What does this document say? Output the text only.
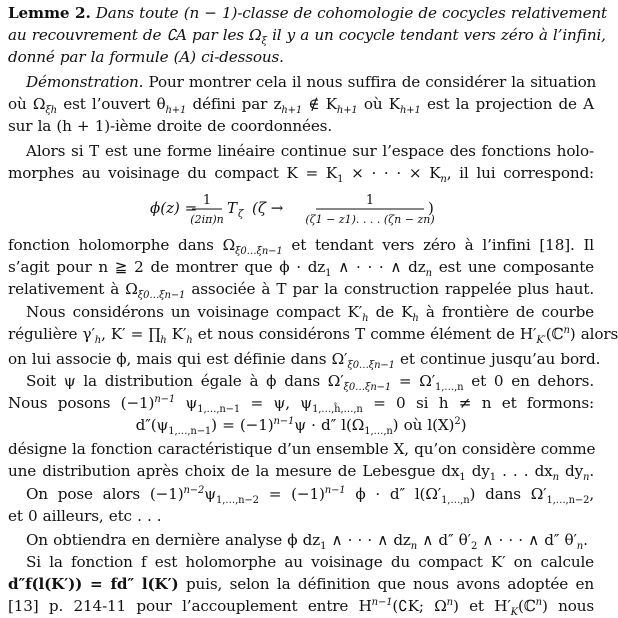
Lemme 2. Dans toute (n − 1)-classe de cohomologie de cocycles relativement
au recouvrement de ∁A par les $\Omega_\xi$ il y a un cocycle tendant vers zéro à l’infini,
donné par la formule (A) ci-dessous.
Démonstration. Pour montrer cela il nous suffira de considérer la situation
où $\Omega_{\xi h}$ est l’ouvert $\theta_{h+1}$ défini par $z_{h+1}$ ∉ $K_{h+1}$ où $K_{h+1}$ est la projection de A
sur la (h + 1)-ième droite de coordonnées.
Alors si T est une forme linéaire continue sur l’espace des fonctions holo-
morphes au voisinage du compact $K = K_1$ × · · · × $K_n$, il lui correspond:
ϕ(z) = 1
(2iπ)n
T ζ (ζ →	1
(ζ1 − z1). . . . (ζn − zn)
)
fonction holomorphe dans $\Omega_{\xi 0\dots\xi n-1}$ et tendant vers zéro à l’infini [18]. Il
s’agit pour n ≧ 2 de montrer que $\phi \cdot dz_1$ ∧ · · · ∧ $dz_n$ est une composante
relativement à $\Omega_{\xi 0\dots\xi n-1}$ associée à T par la construction rappelée plus haut.
Nous considérons un voisinage compact $K'_h$ de $K_h$ à frontière de courbe
régulière $\gamma'_h$, $K' = \prod_h$ $K'_h$ et nous considérons T comme élément de $H'_{K'}(ℂ^n)$ alors
on lui associe ϕ, mais qui est définie dans $\Omega'_{\xi 0\dots\xi n-1}$ et continue jusqu’au bord.
Soit ψ la distribution égale à ϕ dans $\Omega'_{\xi 0\dots\xi n-1} = \Omega'_{1,\dots,n}$ et 0 en dehors.
Nous posons $(-1)^{n-1}$ $\psi_{1,\dots,n-1} = \psi$, $\psi_{1,\dots,ĥ,\dots,n} = 0$ si h ≠ n et formons:
$d''(\psi_{1,\dots,n-1}) = (-1)^{n-1}\psi \cdot d''$ $l(\Omega_{1,\dots,n})$ où $l(X)^2$)
désigne la fonction caractéristique d’un ensemble X, qu’on considère comme
une distribution après choix de la mesure de Lebesgue $dx_1$ $dy_1$ . . . $dx_n$ $dy_n$.
On pose alors $(-1)^{n-2}\psi_{1,\dots,n-2} = (-1)^{n-1}$ ϕ · d″ $l(\Omega'_{1,\dots,n})$ dans $\Omega'_{1,\dots,n-2}$,
et 0 ailleurs, etc . . .
On obtiendra en dernière analyse ϕ $dz_1$ ∧ · · · ∧ $dz_n$ ∧ d″ $\theta'_2$ ∧ · · · ∧ d″ $\theta'_n$.
Si la fonction f est holomorphe au voisinage du compact K′ on calcule
d″f(l(K′)) = fd″ l(K′) puis, selon la définition que nous avons adoptée en
[13] p. 214-11 pour l’accouplement entre $H^{n-1}(∁K$; $\Omega^n$) et $H'_K(ℂ^n)$ nous
